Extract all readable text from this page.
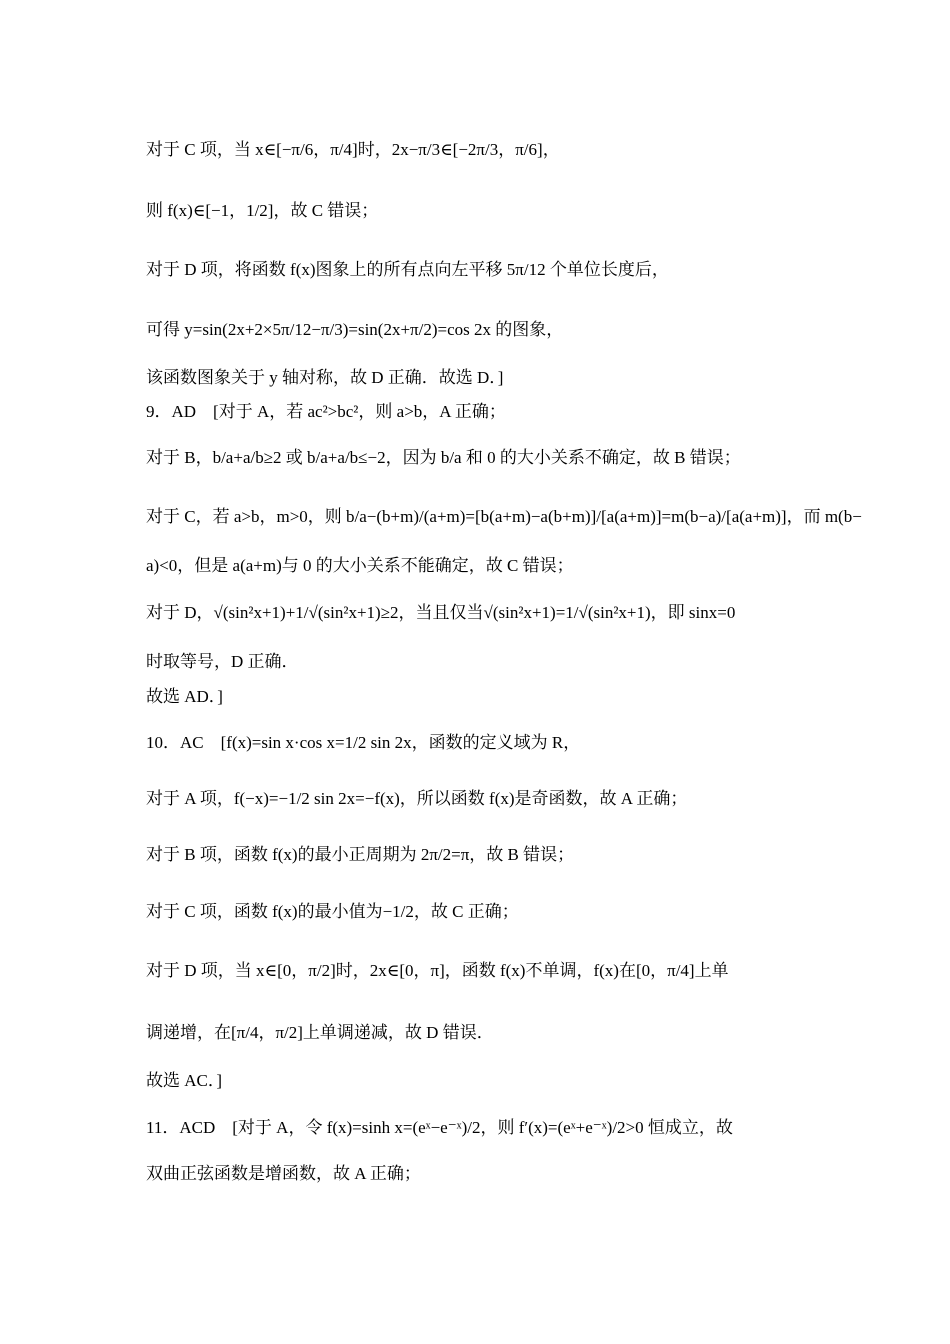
对于 C 项，当 x∈[−π/6，π/4]时，2x−π/3∈[−2π/3，π/6]，
则 f(x)∈[−1，1/2]，故 C 错误；
对于 D 项，将函数 f(x)图象上的所有点向左平移 5π/12 个单位长度后，
可得 y=sin(2x+2×5π/12−π/3)=sin(2x+π/2)=cos 2x 的图象，
该函数图象关于 y 轴对称，故 D 正确．故选 D．]
9．AD　[对于 A，若 ac²>bc²，则 a>b，A 正确；
对于 B，b/a+a/b≥2 或 b/a+a/b≤−2，因为 b/a 和 0 的大小关系不确定，故 B 错误；
对于 C，若 a>b，m>0，则 b/a−(b+m)/(a+m)=[b(a+m)−a(b+m)]/[a(a+m)]=m(b−a)/[a(a+m)]，而 m(b−
a)<0，但是 a(a+m)与 0 的大小关系不能确定，故 C 错误；
对于 D，√(sin²x+1)+1/√(sin²x+1)≥2，当且仅当√(sin²x+1)=1/√(sin²x+1)，即 sinx=0
时取等号，D 正确．
故选 AD．]
10．AC　[f(x)=sin x·cos x=1/2 sin 2x，函数的定义域为 R，
对于 A 项，f(−x)=−1/2 sin 2x=−f(x)，所以函数 f(x)是奇函数，故 A 正确；
对于 B 项，函数 f(x)的最小正周期为 2π/2=π，故 B 错误；
对于 C 项，函数 f(x)的最小值为−1/2，故 C 正确；
对于 D 项，当 x∈[0，π/2]时，2x∈[0，π]，函数 f(x)不单调，f(x)在[0，π/4]上单
调递增，在[π/4，π/2]上单调递减，故 D 错误．
故选 AC．]
11．ACD　[对于 A，令 f(x)=sinh x=(eˣ−e⁻ˣ)/2，则 f′(x)=(eˣ+e⁻ˣ)/2>0 恒成立，故
双曲正弦函数是增函数，故 A 正确；
